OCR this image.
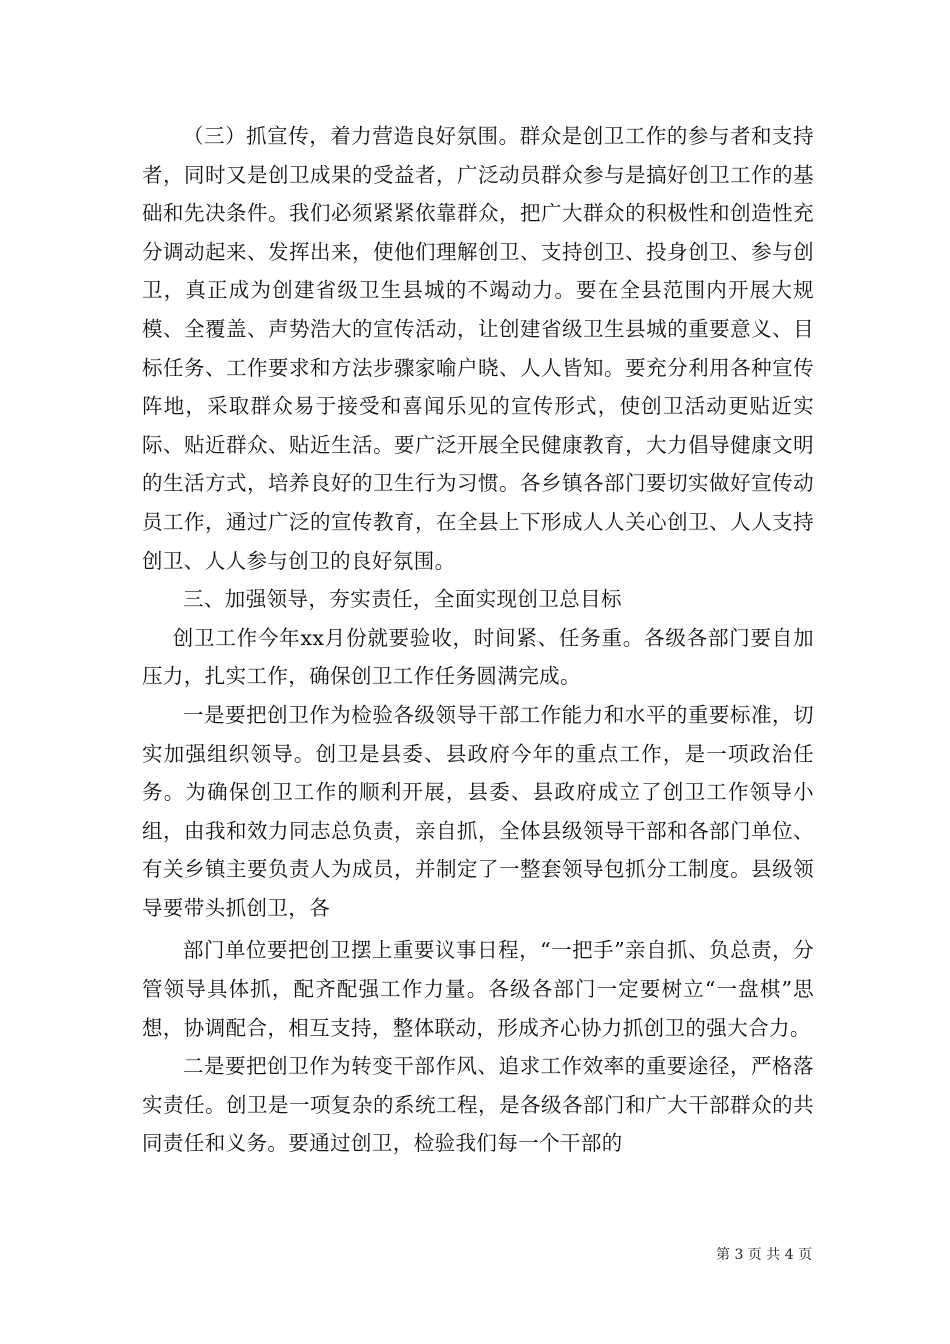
（三）抓宣传，着力营造良好氛围。群众是创卫工作的参与者和支持者，同时又是创卫成果的受益者，广泛动员群众参与是搞好创卫工作的基础和先决条件。我们必须紧紧依靠群众，把广大群众的积极性和创造性充分调动起来、发挥出来，使他们理解创卫、支持创卫、投身创卫、参与创卫，真正成为创建省级卫生县城的不竭动力。要在全县范围内开展大规模、全覆盖、声势浩大的宣传活动，让创建省级卫生县城的重要意义、目标任务、工作要求和方法步骤家喻户晓、人人皆知。要充分利用各种宣传阵地，采取群众易于接受和喜闻乐见的宣传形式，使创卫活动更贴近实际、贴近群众、贴近生活。要广泛开展全民健康教育，大力倡导健康文明的生活方式，培养良好的卫生行为习惯。各乡镇各部门要切实做好宣传动员工作，通过广泛的宣传教育，在全县上下形成人人关心创卫、人人支持创卫、人人参与创卫的良好氛围。

三、加强领导，夯实责任，全面实现创卫总目标

创卫工作今年xx月份就要验收，时间紧、任务重。各级各部门要自加压力，扎实工作，确保创卫工作任务圆满完成。

一是要把创卫作为检验各级领导干部工作能力和水平的重要标准，切实加强组织领导。创卫是县委、县政府今年的重点工作，是一项政治任务。为确保创卫工作的顺利开展，县委、县政府成立了创卫工作领导小组，由我和效力同志总负责，亲自抓，全体县级领导干部和各部门单位、有关乡镇主要负责人为成员，并制定了一整套领导包抓分工制度。县级领导要带头抓创卫，各

部门单位要把创卫摆上重要议事日程，“一把手”亲自抓、负总责，分管领导具体抓，配齐配强工作力量。各级各部门一定要树立“一盘棋”思想，协调配合，相互支持，整体联动，形成齐心协力抓创卫的强大合力。

二是要把创卫作为转变干部作风、追求工作效率的重要途径，严格落实责任。创卫是一项复杂的系统工程，是各级各部门和广大干部群众的共同责任和义务。要通过创卫，检验我们每一个干部的

第 3 页 共 4 页
